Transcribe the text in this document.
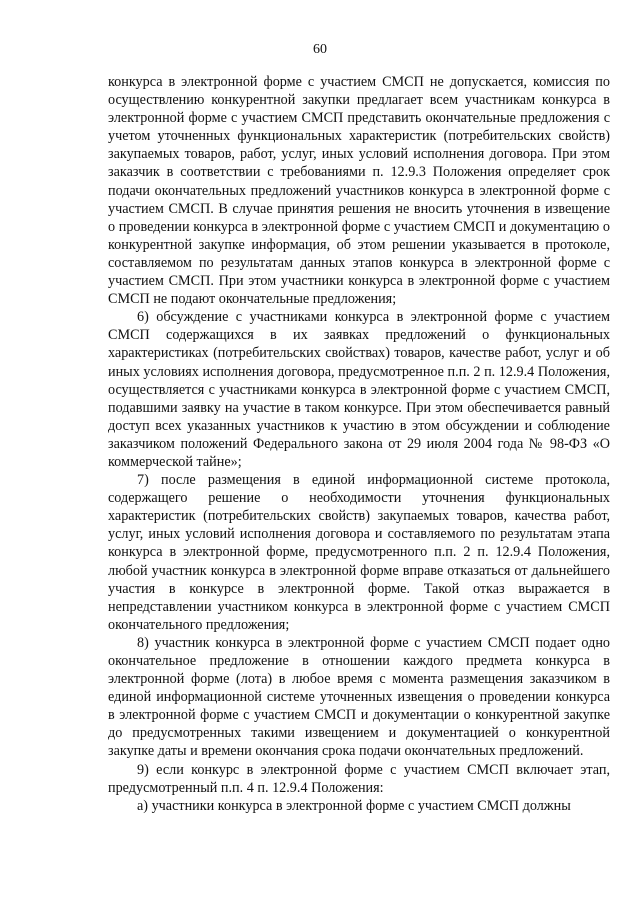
60

конкурса в электронной форме с участием СМСП не допускается, комиссия по осуществлению конкурентной закупки предлагает всем участникам конкурса в электронной форме с участием СМСП представить окончательные предложения с учетом уточненных функциональных характеристик (потребительских свойств) закупаемых товаров, работ, услуг, иных условий исполнения договора. При этом заказчик в соответствии с требованиями п. 12.9.3 Положения определяет срок подачи окончательных предложений участников конкурса в электронной форме с участием СМСП. В случае принятия решения не вносить уточнения в извещение о проведении конкурса в электронной форме с участием СМСП и документацию о конкурентной закупке информация, об этом решении указывается в протоколе, составляемом по результатам данных этапов конкурса в электронной форме с участием СМСП. При этом участники конкурса в электронной форме с участием СМСП не подают окончательные предложения;

6) обсуждение с участниками конкурса в электронной форме с участием СМСП содержащихся в их заявках предложений о функциональных характеристиках (потребительских свойствах) товаров, качестве работ, услуг и об иных условиях исполнения договора, предусмотренное п.п. 2 п. 12.9.4 Положения, осуществляется с участниками конкурса в электронной форме с участием СМСП, подавшими заявку на участие в таком конкурсе. При этом обеспечивается равный доступ всех указанных участников к участию в этом обсуждении и соблюдение заказчиком положений Федерального закона от 29 июля 2004 года № 98-ФЗ «О коммерческой тайне»;

7) после размещения в единой информационной системе протокола, содержащего решение о необходимости уточнения функциональных характеристик (потребительских свойств) закупаемых товаров, качества работ, услуг, иных условий исполнения договора и составляемого по результатам этапа конкурса в электронной форме, предусмотренного п.п. 2 п. 12.9.4 Положения, любой участник конкурса в электронной форме вправе отказаться от дальнейшего участия в конкурсе в электронной форме. Такой отказ выражается в непредставлении участником конкурса в электронной форме с участием СМСП окончательного предложения;

8) участник конкурса в электронной форме с участием СМСП подает одно окончательное предложение в отношении каждого предмета конкурса в электронной форме (лота) в любое время с момента размещения заказчиком в единой информационной системе уточненных извещения о проведении конкурса в электронной форме с участием СМСП и документации о конкурентной закупке до предусмотренных такими извещением и документацией о конкурентной закупке даты и времени окончания срока подачи окончательных предложений.

9) если конкурс в электронной форме с участием СМСП включает этап, предусмотренный п.п. 4 п. 12.9.4 Положения:

а) участники конкурса в электронной форме с участием СМСП должны
